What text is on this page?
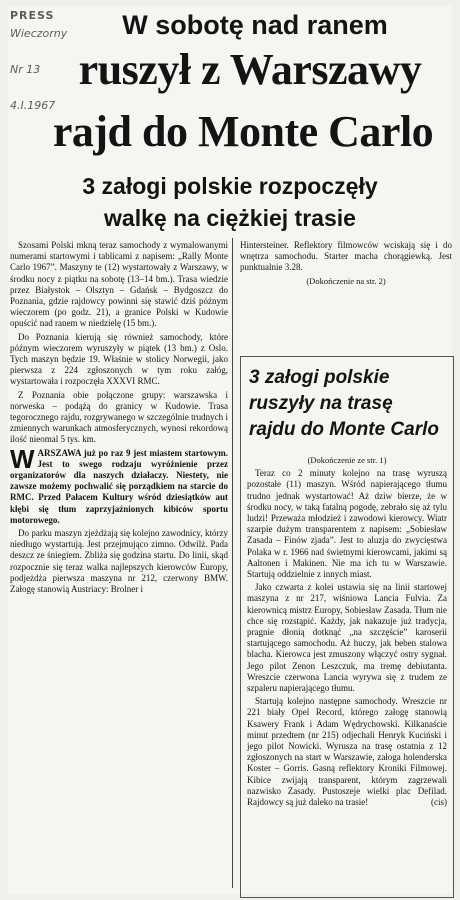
PRESS
Wieczorny
Nr 13
4.I.1967
W sobotę nad ranem
ruszył z Warszawy
rajd do Monte Carlo
3 załogi polskie rozpoczęły
walkę na ciężkiej trasie

Szosami Polski mkną teraz samochody z wymalowanymi numerami startowymi i tablicami z napisem: „Rally Monte Carlo 1967”. Maszyny te (12) wystartowały z Warszawy, w środku nocy z piątku na sobotę (13–14 bm.). Trasa wiedzie przez Białystok – Olsztyn – Gdańsk – Bydgoszcz do Poznania, gdzie rajdowcy powinni się stawić dziś późnym wieczorem (po godz. 21), a granice Polski w Kudowie opuścić nad ranem w niedzielę (15 bm.).

Do Poznania kierują się również samochody, które późnym wieczorem wyruszyły w piątek (13 bm.) z Oslo. Tych maszyn będzie 19. Właśnie w stolicy Norwegii, jako pierwsza z 224 zgłoszonych w tym roku załóg, wystartowała i rozpoczęła XXXVI RMC.

Z Poznania obie połączone grupy: warszawska i norweska – podążą do granicy w Kudowie. Trasa tegorocznego rajdu, rozgrywanego w szczególnie trudnych i zmiennych warunkach atmosferycznych, wynosi rekordową ilość nieomal 5 tys. km.

WARSZAWA już po raz 9 jest miastem startowym. Jest to swego rodzaju wyróżnienie przez organizatorów dla naszych działaczy. Niestety, nie zawsze możemy pochwalić się porządkiem na starcie do RMC. Przed Pałacem Kultury wśród dziesiątków aut kłębi się tłum zaprzyjaźnionych kibiców sportu motorowego.

Do parku maszyn zjeżdżają się kolejno zawodnicy, którzy niedługo wystartują. Jest przejmująco zimno. Odwilż. Pada deszcz ze śniegiem. Zbliża się godzina startu. Do linii, skąd rozpocznie się teraz walka najlepszych kierowców Europy, podjeżdża pierwsza maszyna nr 212, czerwony BMW. Załogę stanowią Austriacy: Brolner i

Hintersteiner. Reflektory filmowców wciskają się i do wnętrza samochodu. Starter macha chorągiewką. Jest punktualnie 3.28.

(Dokończenie na str. 2)

3 załogi polskie
ruszyły na trasę
rajdu do Monte Carlo

(Dokończenie ze str. 1)

Teraz co 2 minuty kolejno na trasę wyruszą pozostałe (11) maszyn. Wśród napierającego tłumu trudno jednak wystartować! Aż dziw bierze, że w środku nocy, w taką fatalną pogodę, zebrało się aż tylu ludzi! Przeważa młodzież i zawodowi kierowcy. Wiatr szarpie dużym transparentem z napisem: „Sobiesław Zasada – Finów zjada”. Jest to aluzja do zwycięstwa Polaka w r. 1966 nad świetnymi kierowcami, jakimi są Aaltonen i Makinen. Nie ma ich tu w Warszawie. Startują oddzielnie z innych miast.

Jako czwarta z kolei ustawia się na linii startowej maszyna z nr 217, wiśniowa Lancia Fulvia. Za kierownicą mistrz Europy, Sobiesław Zasada. Tłum nie chce się rozstąpić. Każdy, jak nakazuje już tradycja, pragnie dłonią dotknąć „na szczęście” karoserii startującego samochodu. Aż huczy, jak beben stalowa blacha. Kierowca jest zmuszony włączyć ostry sygnał. Jego pilot Zenon Leszczuk, ma tremę debiutanta. Wreszcie czerwona Lancia wyrywa się z trudem ze szpaleru napierającego tłumu.

Startują kolejno następne samochody. Wreszcie nr 221 biały Opel Record, którego załogę stanowią Ksawery Frank i Adam Wędrychowski. Kilkanaście minut przedtem (nr 215) odjechali Henryk Kuciński i jego pilot Nowicki. Wyrusza na trasę ostatnia z 12 zgłoszonych na start w Warszawie, załoga holenderska Koster – Gorris. Gasną reflektory Kroniki Filmowej. Kibice zwijają transparent, którym zagrzewali nazwisko Zasady. Pustoszeje wielki plac Defilad. Rajdowcy są już daleko na trasie!	(cis)
